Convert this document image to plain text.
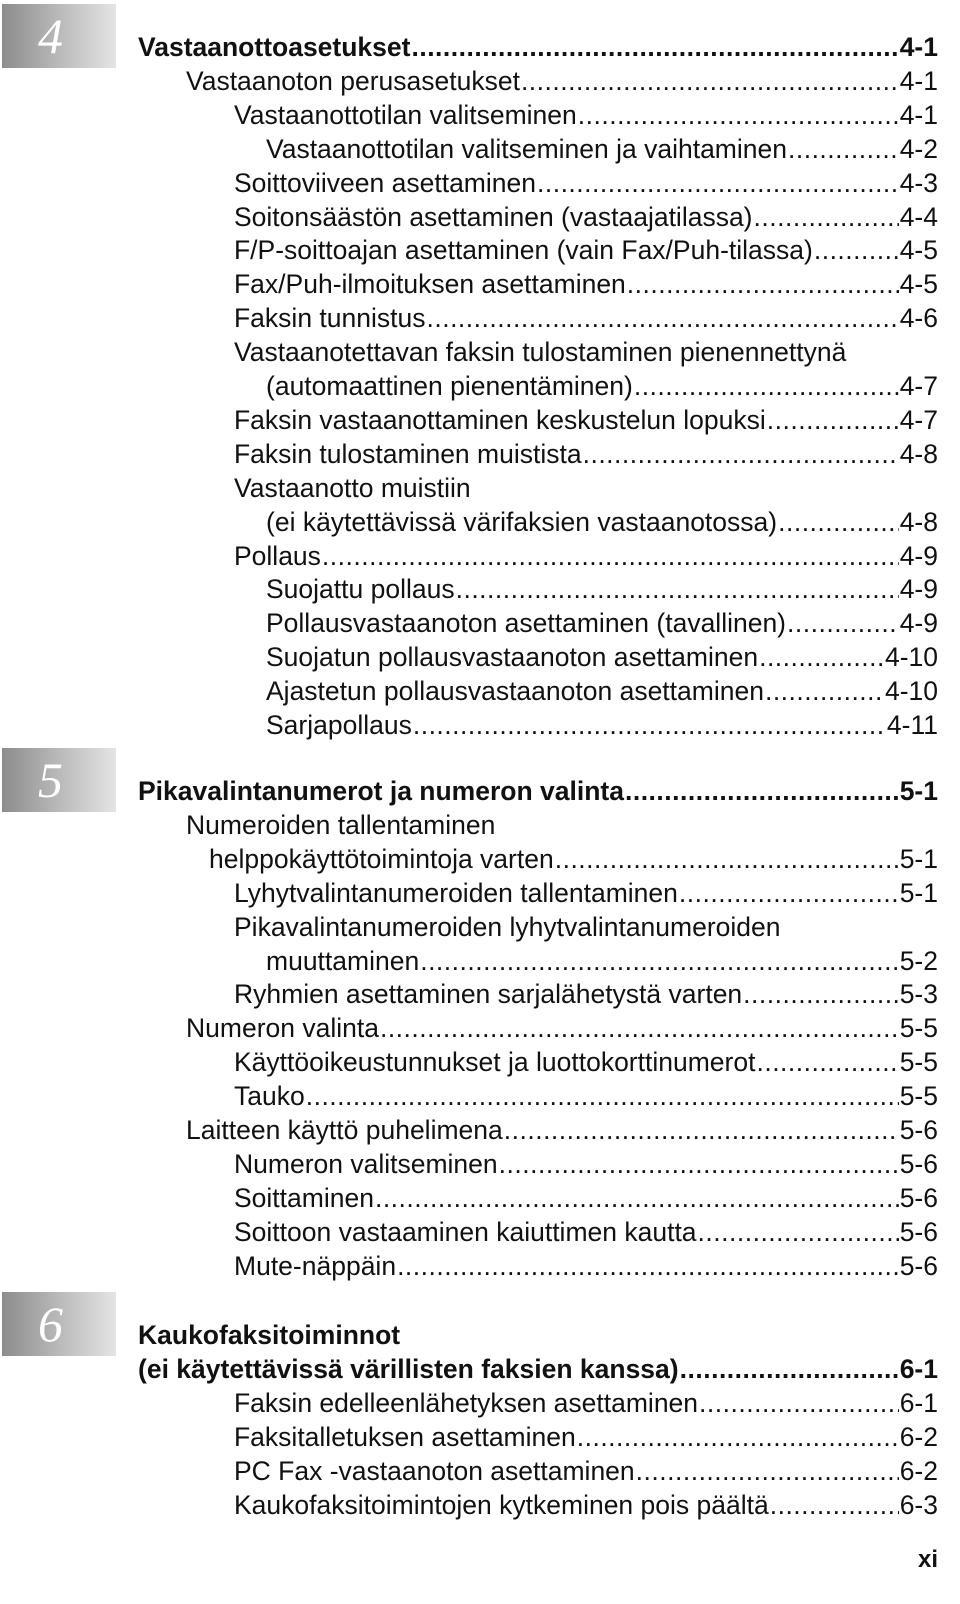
4	Vastaanottoasetukset .....	4-1
Vastaanoton perusasetukset .....	4-1
Vastaanottotilan valitseminen .....	4-1
Vastaanottotilan valitseminen ja vaihtaminen .....	4-2
Soittoviiveen asettaminen .....	4-3
Soitonsäästön asettaminen (vastaajatilassa) .....	4-4
F/P-soittoajan asettaminen (vain Fax/Puh-tilassa) .....	4-5
Fax/Puh-ilmoituksen asettaminen .....	4-5
Faksin tunnistus .....	4-6
Vastaanotettavan faksin tulostaminen pienennettynä
(automaattinen pienentäminen) .....	4-7
Faksin vastaanottaminen keskustelun lopuksi .....	4-7
Faksin tulostaminen muistista .....	4-8
Vastaanotto muistiin
(ei käytettävissä värifaksien vastaanotossa) .....	4-8
Pollaus .....	4-9
Suojattu pollaus .....	4-9
Pollausvastaanoton asettaminen (tavallinen) .....	4-9
Suojatun pollausvastaanoton asettaminen .....	4-10
Ajastetun pollausvastaanoton asettaminen .....	4-10
Sarjapollaus .....	4-11
5	Pikavalintanumerot ja numeron valinta .....	5-1
Numeroiden tallentaminen
helppokäyttötoimintoja varten .....	5-1
Lyhytvalintanumeroiden tallentaminen .....	5-1
Pikavalintanumeroiden lyhytvalintanumeroiden
muuttaminen .....	5-2
Ryhmien asettaminen sarjalähetystä varten .....	5-3
Numeron valinta .....	5-5
Käyttöoikeustunnukset ja luottokorttinumerot .....	5-5
Tauko .....	5-5
Laitteen käyttö puhelimena .....	5-6
Numeron valitseminen .....	5-6
Soittaminen .....	5-6
Soittoon vastaaminen kaiuttimen kautta .....	5-6
Mute-näppäin .....	5-6
6	Kaukofaksitoiminnot
(ei käytettävissä värillisten faksien kanssa) .....	6-1
Faksin edelleenlähetyksen asettaminen .....	6-1
Faksitalletuksen asettaminen .....	6-2
PC Fax -vastaanoton asettaminen .....	6-2
Kaukofaksitoimintojen kytkeminen pois päältä .....	6-3
xi
